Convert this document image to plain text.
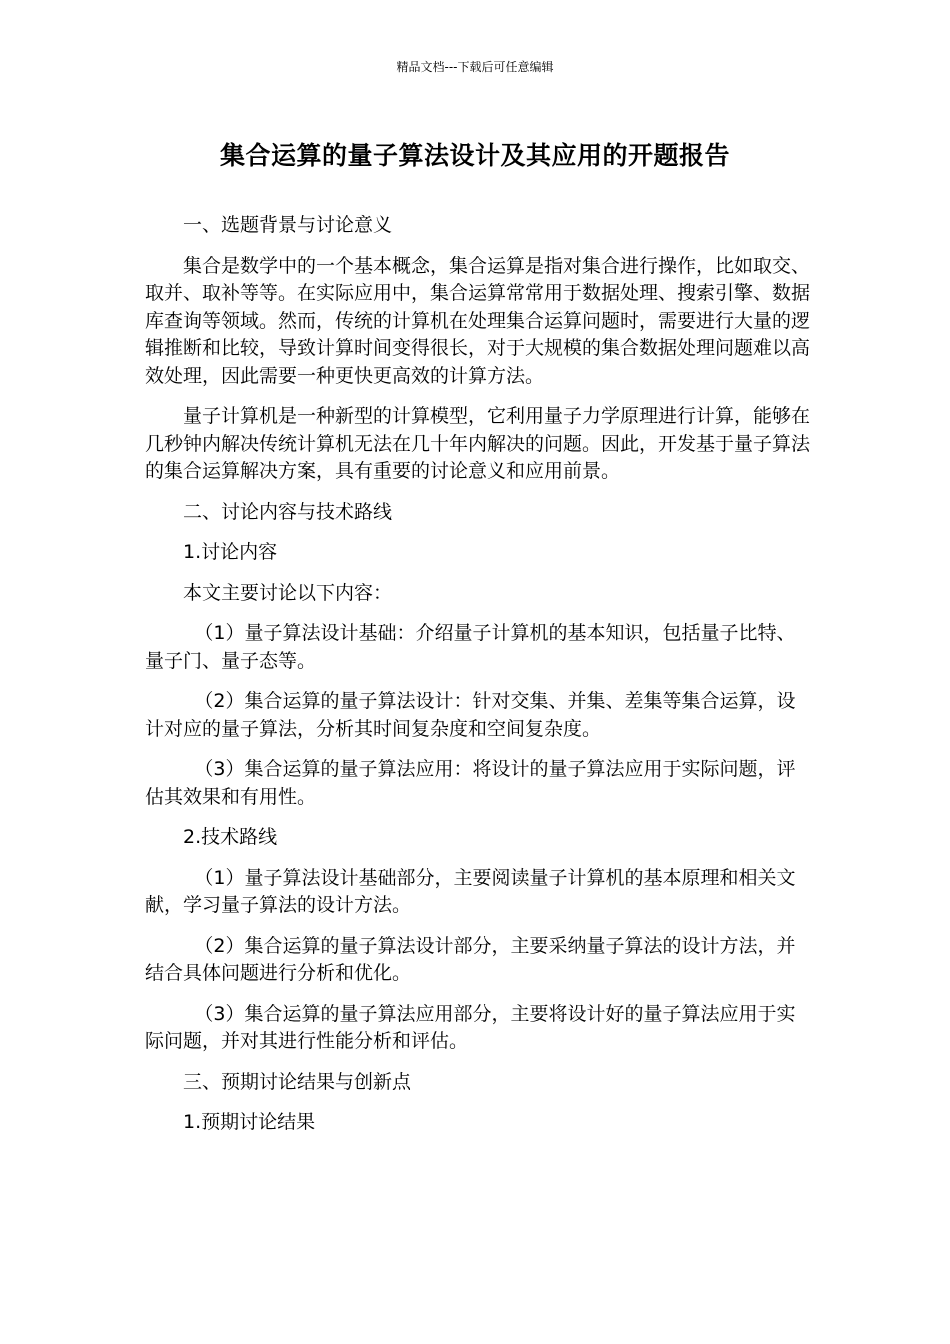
精品文档---下载后可任意编辑
集合运算的量子算法设计及其应用的开题报告

一、选题背景与讨论意义

集合是数学中的一个基本概念，集合运算是指对集合进行操作，比如取交、取并、取补等等。在实际应用中，集合运算常常用于数据处理、搜索引擎、数据库查询等领域。然而，传统的计算机在处理集合运算问题时，需要进行大量的逻辑推断和比较，导致计算时间变得很长，对于大规模的集合数据处理问题难以高效处理，因此需要一种更快更高效的计算方法。

量子计算机是一种新型的计算模型，它利用量子力学原理进行计算，能够在几秒钟内解决传统计算机无法在几十年内解决的问题。因此，开发基于量子算法的集合运算解决方案，具有重要的讨论意义和应用前景。

二、讨论内容与技术路线

1.讨论内容

本文主要讨论以下内容：

（1）量子算法设计基础：介绍量子计算机的基本知识，包括量子比特、量子门、量子态等。

（2）集合运算的量子算法设计：针对交集、并集、差集等集合运算，设计对应的量子算法，分析其时间复杂度和空间复杂度。

（3）集合运算的量子算法应用：将设计的量子算法应用于实际问题，评估其效果和有用性。

2.技术路线

（1）量子算法设计基础部分，主要阅读量子计算机的基本原理和相关文献，学习量子算法的设计方法。

（2）集合运算的量子算法设计部分，主要采纳量子算法的设计方法，并结合具体问题进行分析和优化。

（3）集合运算的量子算法应用部分，主要将设计好的量子算法应用于实际问题，并对其进行性能分析和评估。

三、预期讨论结果与创新点

1.预期讨论结果
